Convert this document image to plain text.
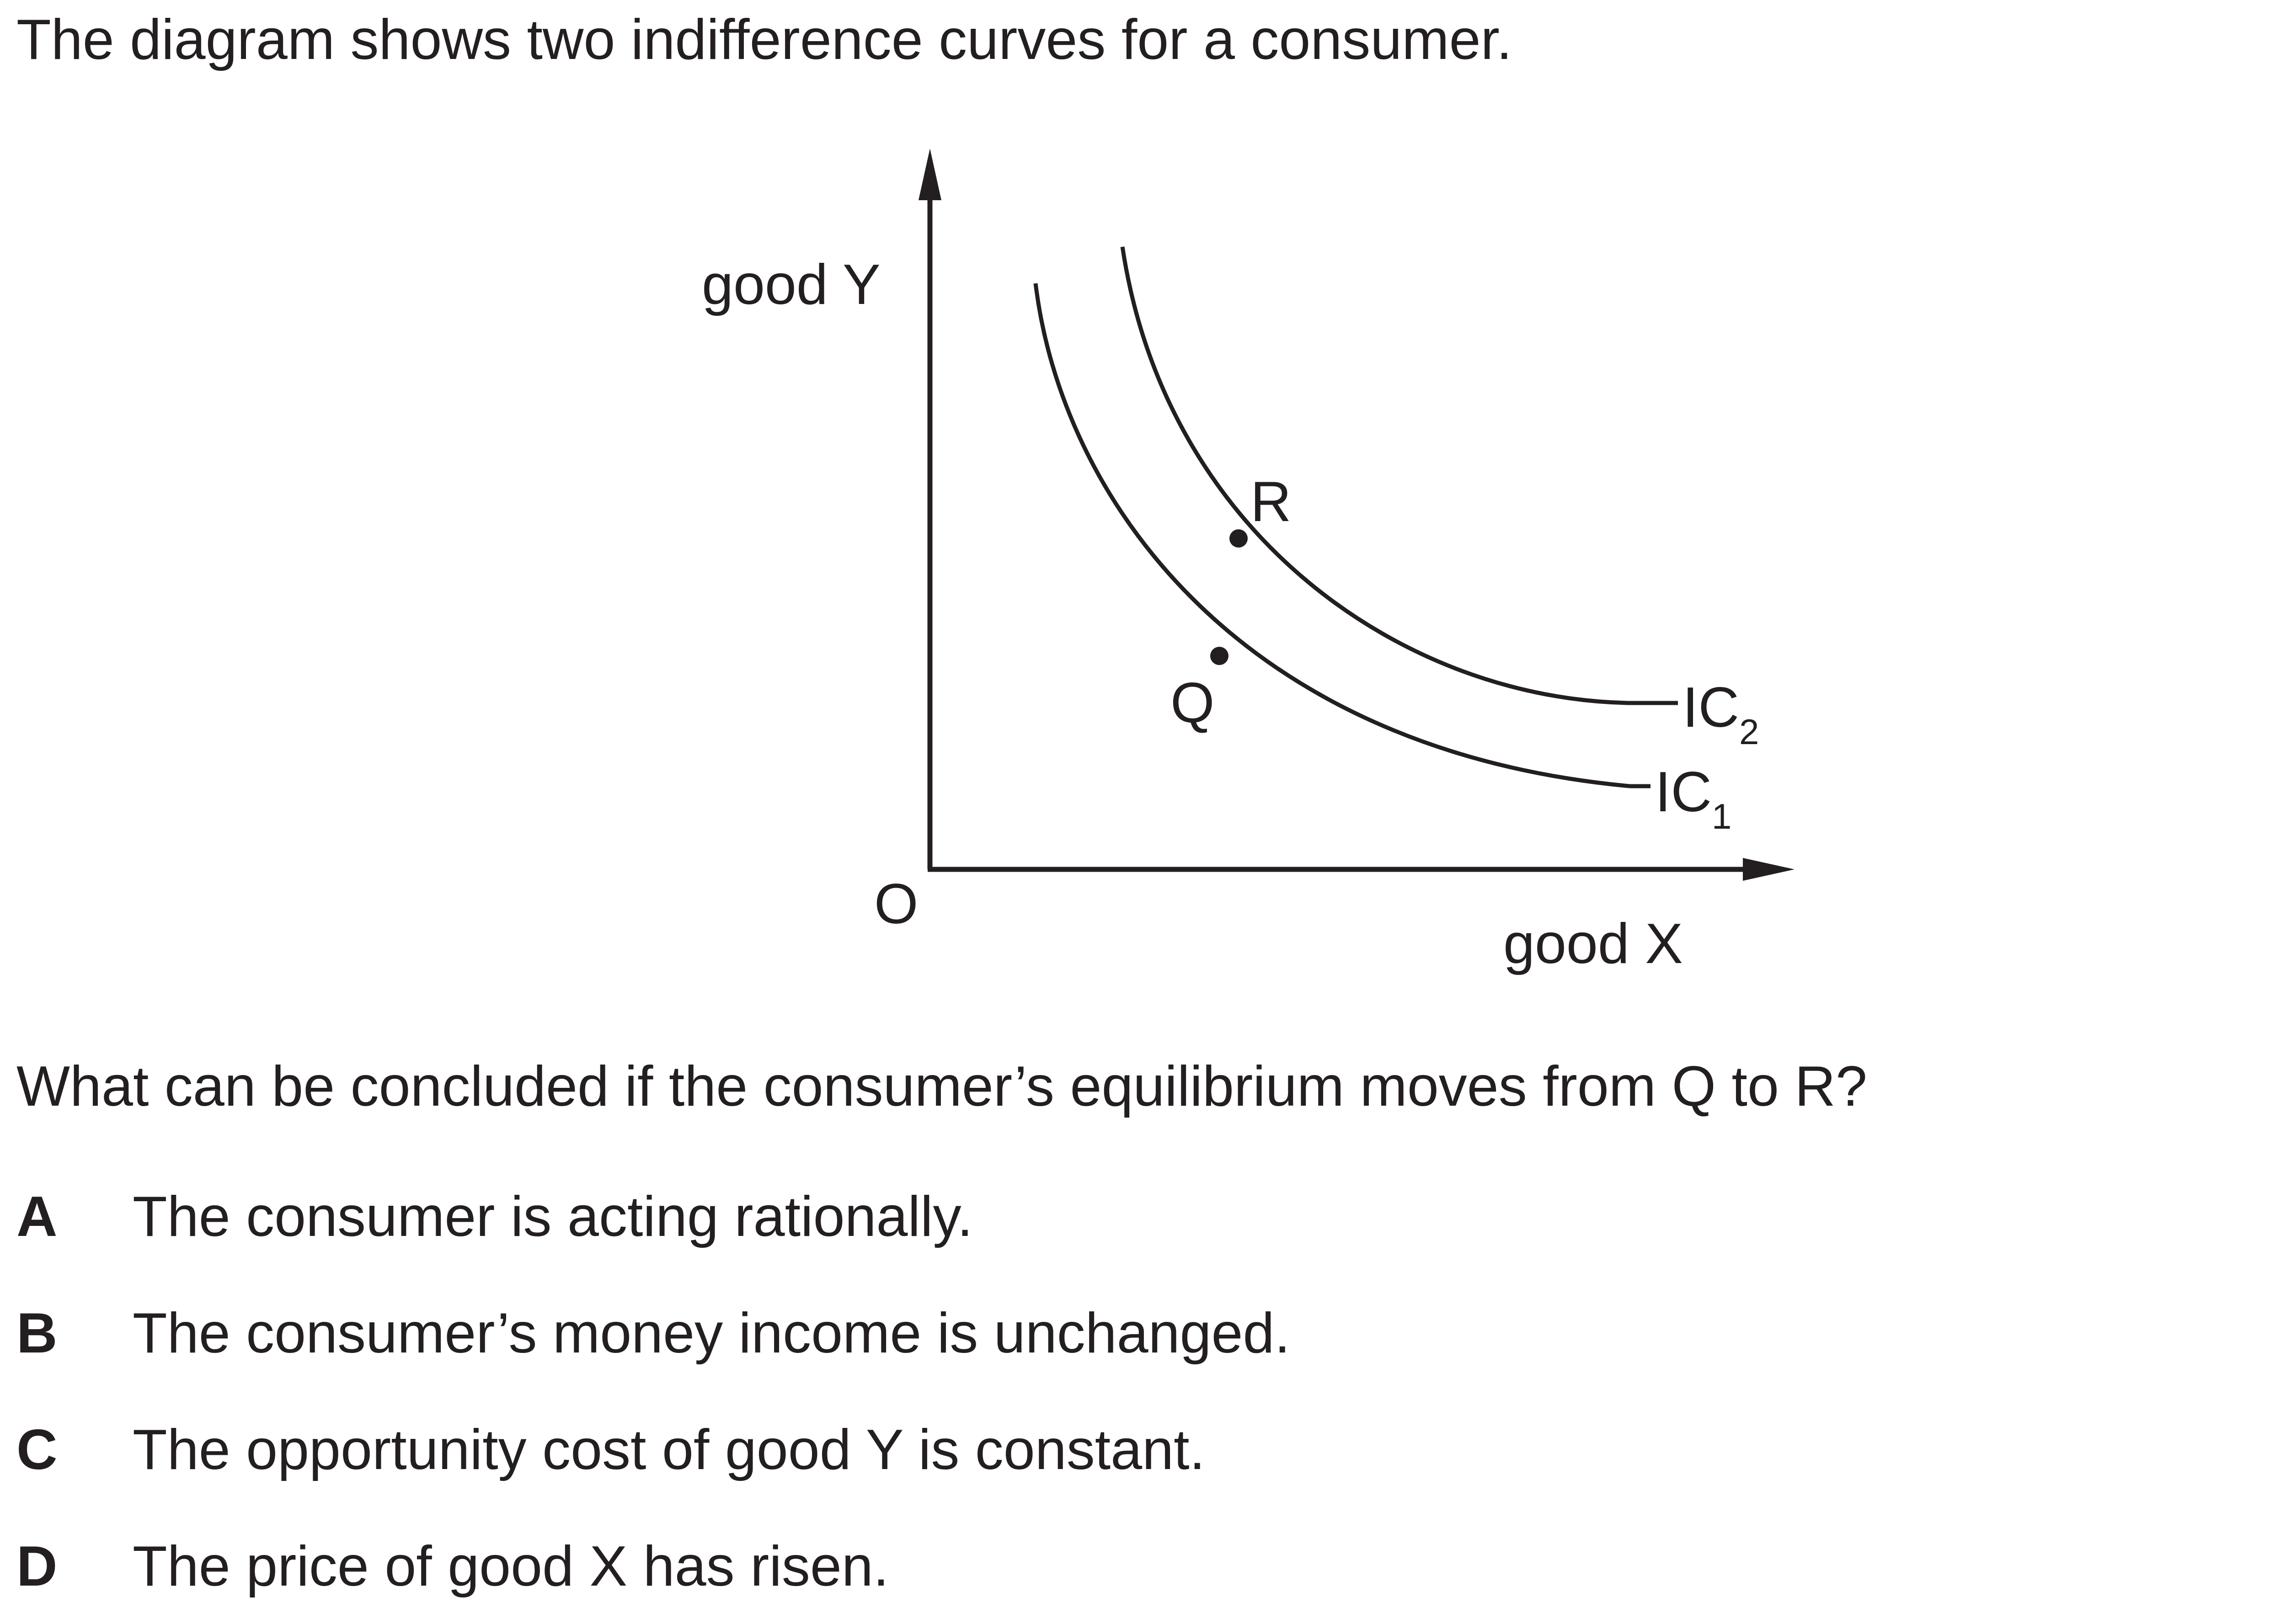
The diagram shows two indifference curves for a consumer.
good Y
good X
O
Q
R
$IC_2$
$IC_1$
What can be concluded if the consumer’s equilibrium moves from Q to R?
A The consumer is acting rationally.
B The consumer’s money income is unchanged.
C The opportunity cost of good Y is constant.
D The price of good X has risen.
